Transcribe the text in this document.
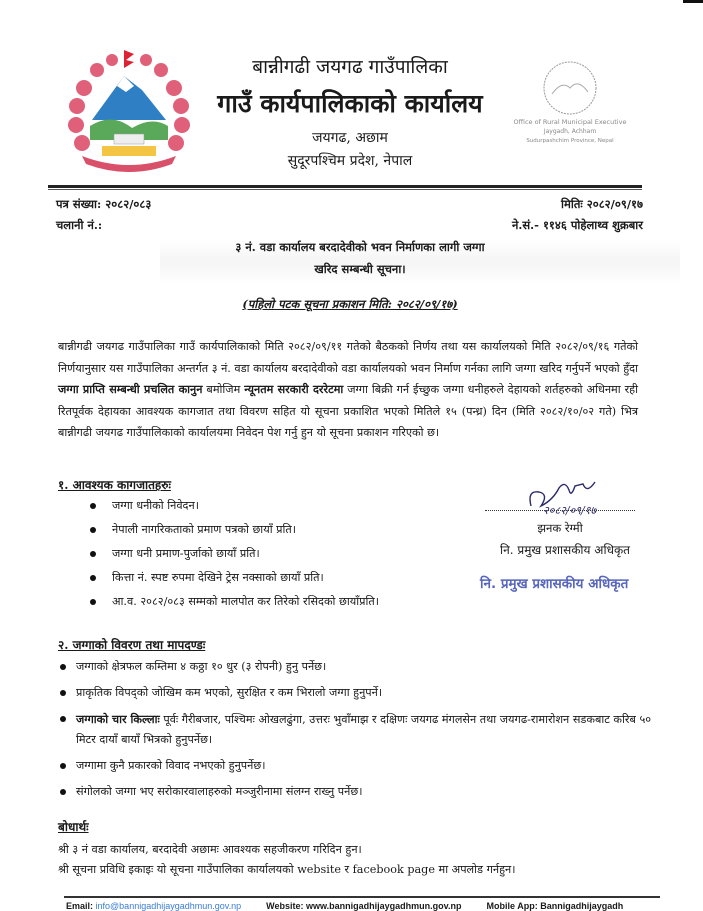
बान्नीगढी जयगढ गाउँपालिका
गाउँ कार्यपालिकाको कार्यालय
जयगढ, अछाम
सुदूरपश्चिम प्रदेश, नेपाल
Office of Rural Municipal Executive
Jaygadh, Achham
Sudurpashchim Province, Nepal
पत्र संख्या: २०८२/०८३
चलानी नं.:
मितिः २०८२/०९/१७
ने.सं.- ११४६ पोहेलाथ्व शुक्रबार
३ नं. वडा कार्यालय बरदादेवीको भवन निर्माणका लागी जग्गा
खरिद सम्बन्धी सूचना।
(पहिलो पटक सूचना प्रकाशन मिति: २०८२/०९/१७)
बान्नीगढी जयगढ गाउँपालिका गाउँ कार्यपालिकाको मिति २०८२/०९/११ गतेको बैठकको निर्णय तथा यस कार्यालयको मिति २०८२/०९/१६ गतेको निर्णयानुसार यस गाउँपालिका अन्तर्गत ३ नं. वडा कार्यालय बरदादेवीको वडा कार्यालयको भवन निर्माण गर्नका लागि जग्गा खरिद गर्नुपर्ने भएको हुँदा जग्गा प्राप्ति सम्बन्धी प्रचलित कानुन बमोजिम न्यूनतम सरकारी दररेटमा जग्गा बिक्री गर्न ईच्छुक जग्गा धनीहरुले देहायको शर्तहरुको अधिनमा रही रितपूर्वक देहायका आवश्यक कागजात तथा विवरण सहित यो सूचना प्रकाशित भएको मितिले १५ (पन्ध्र) दिन (मिति २०८२/१०/०२ गते) भित्र बान्नीगढी जयगढ गाउँपालिकाको कार्यालयमा निवेदन पेश गर्नु हुन यो सूचना प्रकाशन गरिएको छ।
१. आवश्यक कागजातहरुः
जग्गा धनीको निवेदन।
नेपाली नागरिकताको प्रमाण पत्रको छायाँ प्रति।
जग्गा धनी प्रमाण-पुर्जाको छायाँ प्रति।
कित्ता नं. स्पष्ट रुपमा देखिने ट्रेस नक्साको छायाँ प्रति।
आ.व. २०८२/०८३ सम्मको मालपोत कर तिरेको रसिदको छायाँप्रति।
२०८२/०९/१७
झनक रेग्मी
नि. प्रमुख प्रशासकीय अधिकृत
नि. प्रमुख प्रशासकीय अधिकृत
२. जग्गाको विवरण तथा मापदण्डः
जग्गाको क्षेत्रफल कम्तिमा ४ कठ्ठा १० धुर (३ रोपनी) हुनु पर्नेछ।
प्राकृतिक विपद्को जोखिम कम भएको, सुरक्षित र कम भिरालो जग्गा हुनुपर्ने।
जग्गाको चार किल्लाः पूर्वः गैरीबजार, पश्चिमः ओखलढुंगा, उत्तरः भुवाँमाझ र दक्षिणः जयगढ मंगलसेन तथा जयगढ-रामारोशन सडकबाट करिब ५० मिटर दायाँ बायाँ भित्रको हुनुपर्नेछ।
जग्गामा कुनै प्रकारको विवाद नभएको हुनुपर्नेछ।
संगोलको जग्गा भए सरोकारवालाहरुको मञ्जुरीनामा संलग्न राख्नु पर्नेछ।
बोधार्थः
श्री ३ नं वडा कार्यालय, बरदादेवी अछामः आवश्यक सहजीकरण गरिदिन हुन।
श्री सूचना प्रविधि इकाइः यो सूचना गाउँपालिका कार्यालयको website र facebook page मा अपलोड गर्नहुन।
Email: info@bannigadhijaygadhmun.gov.np	Website: www.bannigadhijaygadhmun.gov.np	Mobile App: Bannigadhijaygadh
